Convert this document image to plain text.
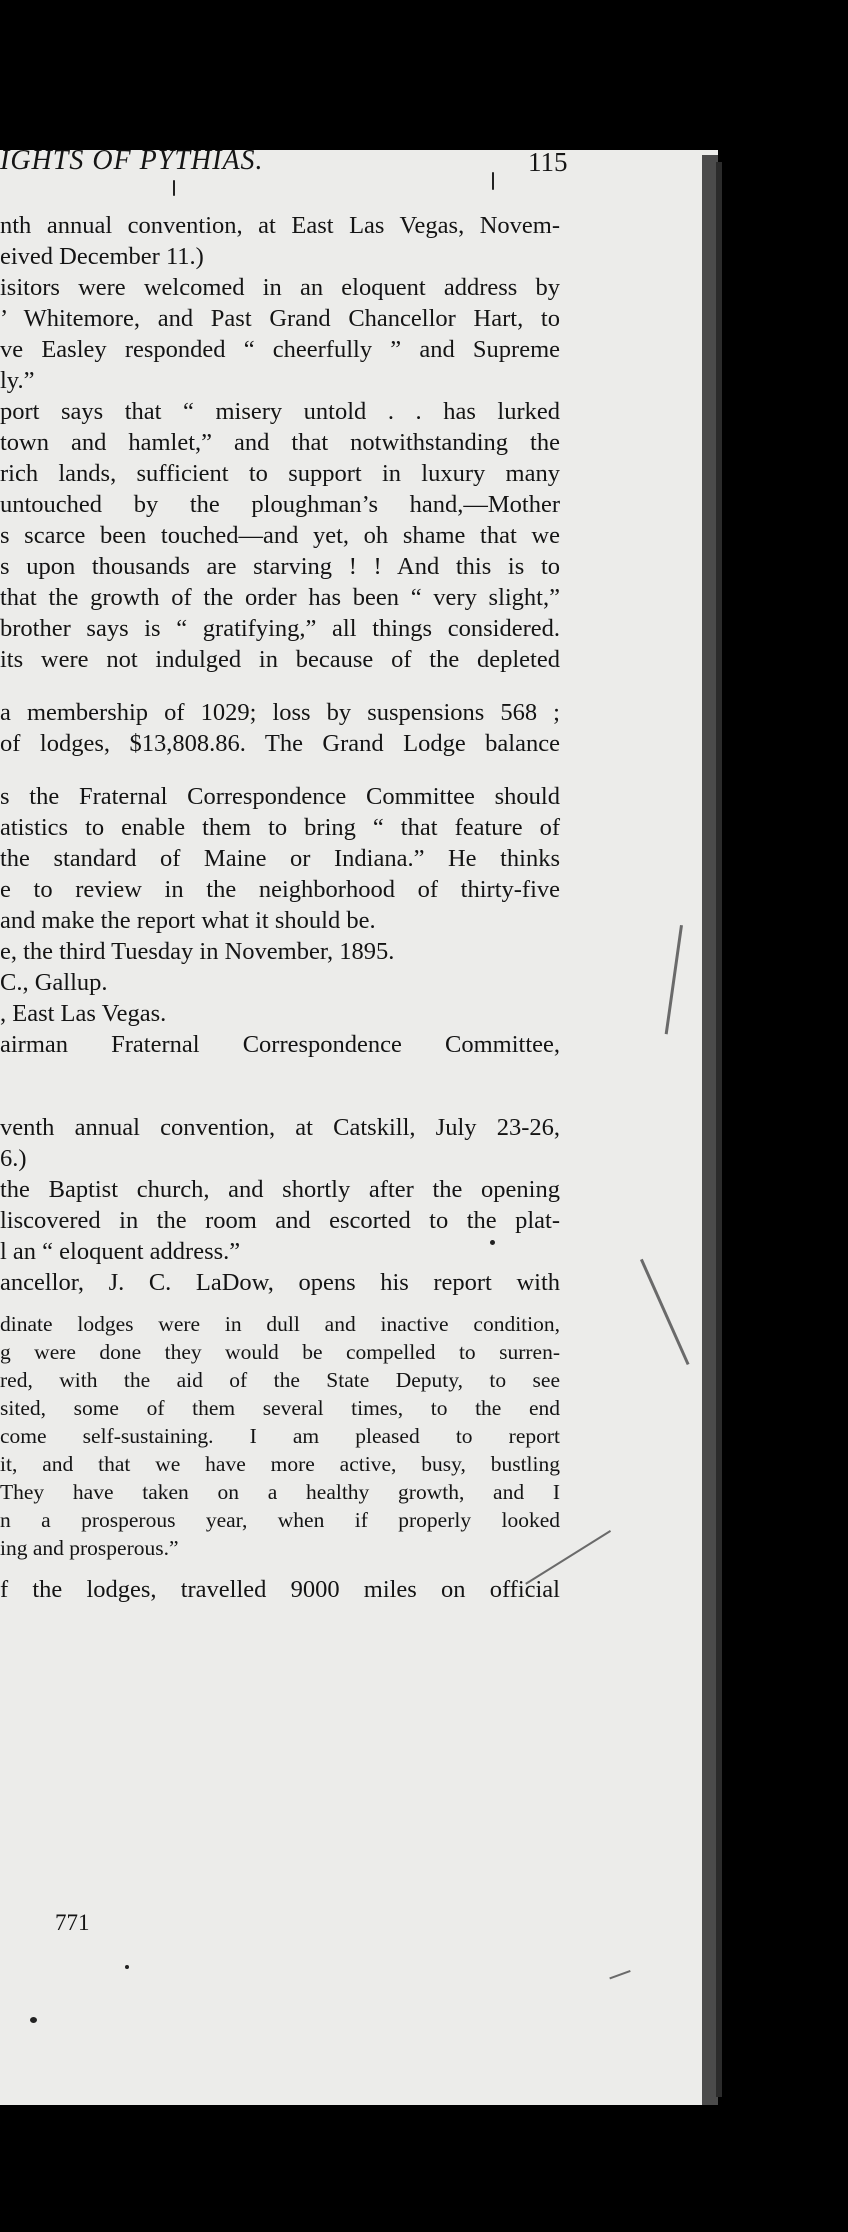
IGHTS OF PYTHIAS.	115
nth annual convention, at East Las Vegas, Novem-
eived December 11.)
isitors were welcomed in an eloquent address by
’ Whitemore, and Past Grand Chancellor Hart, to
ve Easley responded “ cheerfully ” and Supreme
ly.”
port says that “ misery untold . . has lurked
town and hamlet,” and that notwithstanding the
rich lands, sufficient to support in luxury many
untouched by the ploughman’s hand,—Mother
s scarce been touched—and yet, oh shame that we
s upon thousands are starving ! ! And this is to
that the growth of the order has been “ very slight,”
brother says is “ gratifying,” all things considered.
its were not indulged in because of the depleted
a membership of 1029; loss by suspensions 568 ;
of lodges, $13,808.86. The Grand Lodge balance
s the Fraternal Correspondence Committee should
atistics to enable them to bring “ that feature of
the standard of Maine or Indiana.” He thinks
e to review in the neighborhood of thirty-five
and make the report what it should be.
e, the third Tuesday in November, 1895.
C., Gallup.
, East Las Vegas.
airman Fraternal Correspondence Committee,
venth annual convention, at Catskill, July 23-26,
6.)
the Baptist church, and shortly after the opening
liscovered in the room and escorted to the plat-
l an “ eloquent address.”
ancellor, J. C. LaDow, opens his report with
dinate lodges were in dull and inactive condition,
g were done they would be compelled to surren-
red, with the aid of the State Deputy, to see
sited, some of them several times, to the end
come self-sustaining. I am pleased to report
it, and that we have more active, busy, bustling
They have taken on a healthy growth, and I
n a prosperous year, when if properly looked
ing and prosperous.”
f the lodges, travelled 9000 miles on official
771
